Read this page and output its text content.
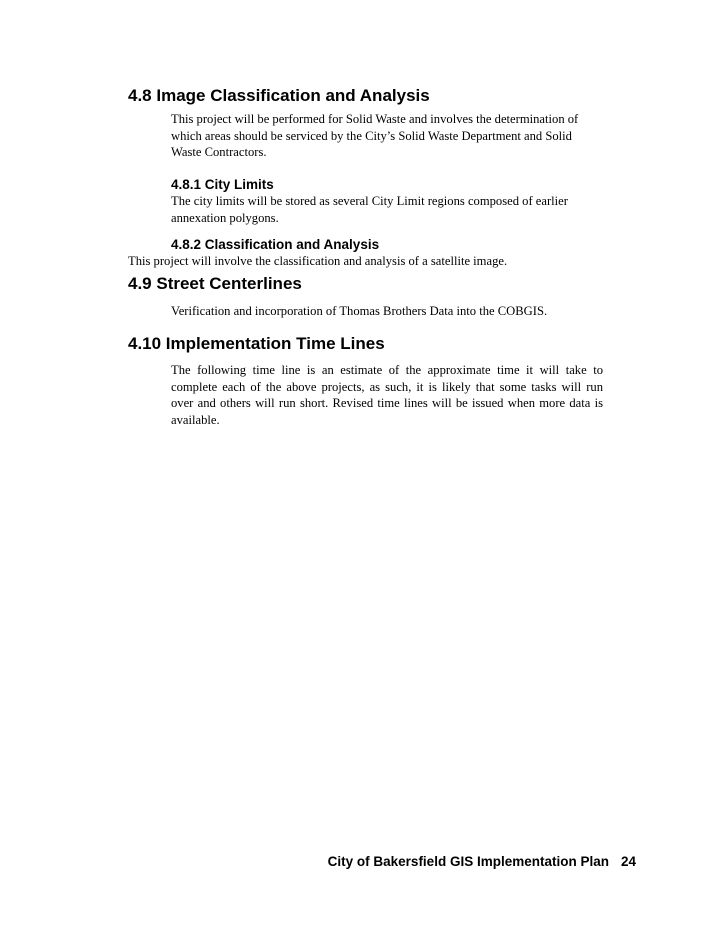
4.8 Image Classification and Analysis
This project will be performed for Solid Waste and involves the determination of
which areas should be serviced by the City’s Solid Waste Department and Solid
Waste Contractors.
4.8.1 City Limits
The city limits will be stored as several City Limit regions composed of earlier
annexation polygons.
4.8.2 Classification and Analysis
This project will involve the classification and analysis of a satellite image.
4.9 Street Centerlines
Verification and incorporation of Thomas Brothers Data into the COBGIS.
4.10 Implementation Time Lines
The following time line is an estimate of the approximate time it will take to
complete each of the above projects, as such, it is likely that some tasks will run
over and others will run short. Revised time lines will be issued when more data is
available.
City of Bakersfield GIS Implementation Plan 24
